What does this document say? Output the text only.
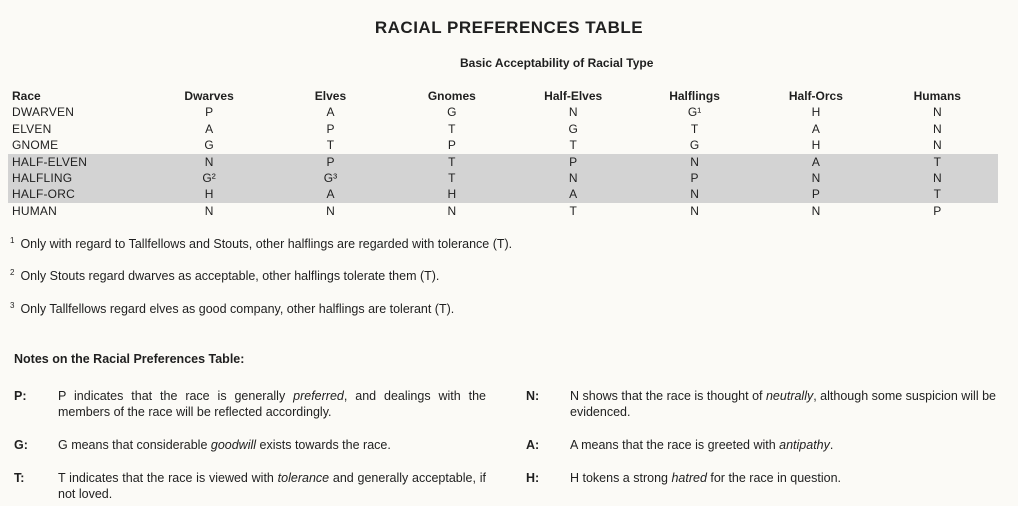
RACIAL PREFERENCES TABLE
Basic Acceptability of Racial Type
Race	Dwarves	Elves	Gnomes	Half-Elves	Halflings	Half-Orcs	Humans
DWARVEN	P	A	G	N	G¹	H	N
ELVEN	A	P	T	G	T	A	N
GNOME	G	T	P	T	G	H	N
HALF-ELVEN	N	P	T	P	N	A	T
HALFLING	G²	G³	T	N	P	N	N
HALF-ORC	H	A	H	A	N	P	T
HUMAN	N	N	N	T	N	N	P
$^1$ Only with regard to Tallfellows and Stouts, other halflings are regarded with tolerance (T).
$^2$ Only Stouts regard dwarves as acceptable, other halflings tolerate them (T).
$^3$ Only Tallfellows regard elves as good company, other halflings are tolerant (T).
Notes on the Racial Preferences Table:
P:	P indicates that the race is generally preferred, and dealings with the members of the race will be reflected accordingly.
G: G means that considerable goodwill exists towards the race.
T:	T indicates that the race is viewed with tolerance and generally acceptable, if not loved.
N: N shows that the race is thought of neutrally, although some suspicion will be evidenced.
A: A means that the race is greeted with antipathy.
H: H tokens a strong hatred for the race in question.
